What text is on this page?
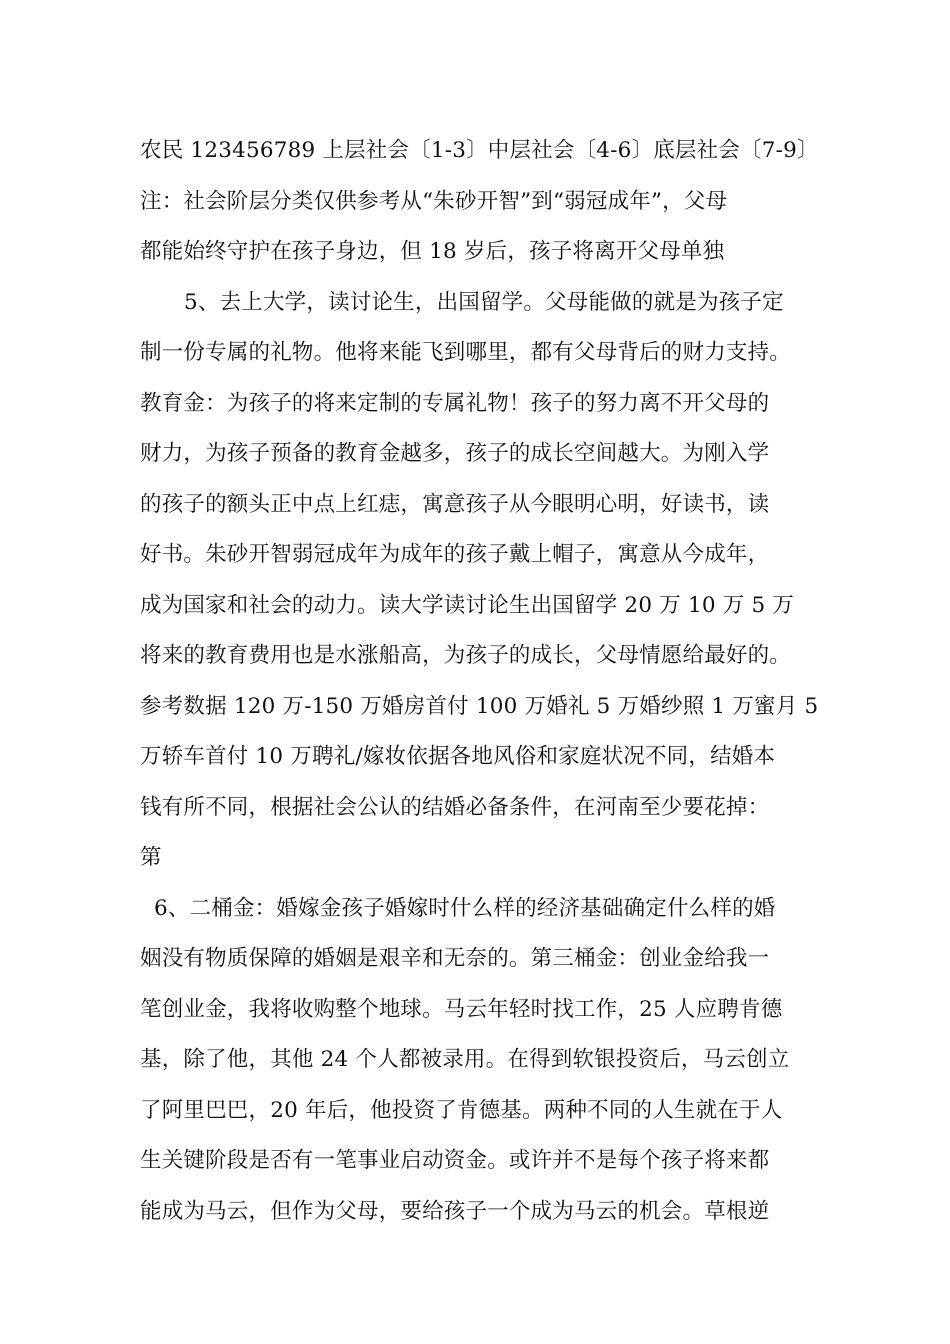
农民 123456789 上层社会〔1-3〕中层社会〔4-6〕底层社会〔7-9〕
注：社会阶层分类仅供参考从“朱砂开智”到“弱冠成年”，父母
都能始终守护在孩子身边，但 18 岁后，孩子将离开父母单独
5、去上大学，读讨论生，出国留学。父母能做的就是为孩子定
制一份专属的礼物。他将来能飞到哪里，都有父母背后的财力支持。
教育金：为孩子的将来定制的专属礼物！孩子的努力离不开父母的
财力，为孩子预备的教育金越多，孩子的成长空间越大。为刚入学
的孩子的额头正中点上红痣，寓意孩子从今眼明心明，好读书，读
好书。朱砂开智弱冠成年为成年的孩子戴上帽子，寓意从今成年，
成为国家和社会的动力。读大学读讨论生出国留学 20 万 10 万 5 万
将来的教育费用也是水涨船高，为孩子的成长，父母情愿给最好的。
参考数据 120 万-150 万婚房首付 100 万婚礼 5 万婚纱照 1 万蜜月 5
万轿车首付 10 万聘礼/嫁妆依据各地风俗和家庭状况不同，结婚本
钱有所不同，根据社会公认的结婚必备条件，在河南至少要花掉：
第
6、二桶金：婚嫁金孩子婚嫁时什么样的经济基础确定什么样的婚
姻没有物质保障的婚姻是艰辛和无奈的。第三桶金：创业金给我一
笔创业金，我将收购整个地球。马云年轻时找工作，25 人应聘肯德
基，除了他，其他 24 个人都被录用。在得到软银投资后，马云创立
了阿里巴巴，20 年后，他投资了肯德基。两种不同的人生就在于人
生关键阶段是否有一笔事业启动资金。或许并不是每个孩子将来都
能成为马云，但作为父母，要给孩子一个成为马云的机会。草根逆
